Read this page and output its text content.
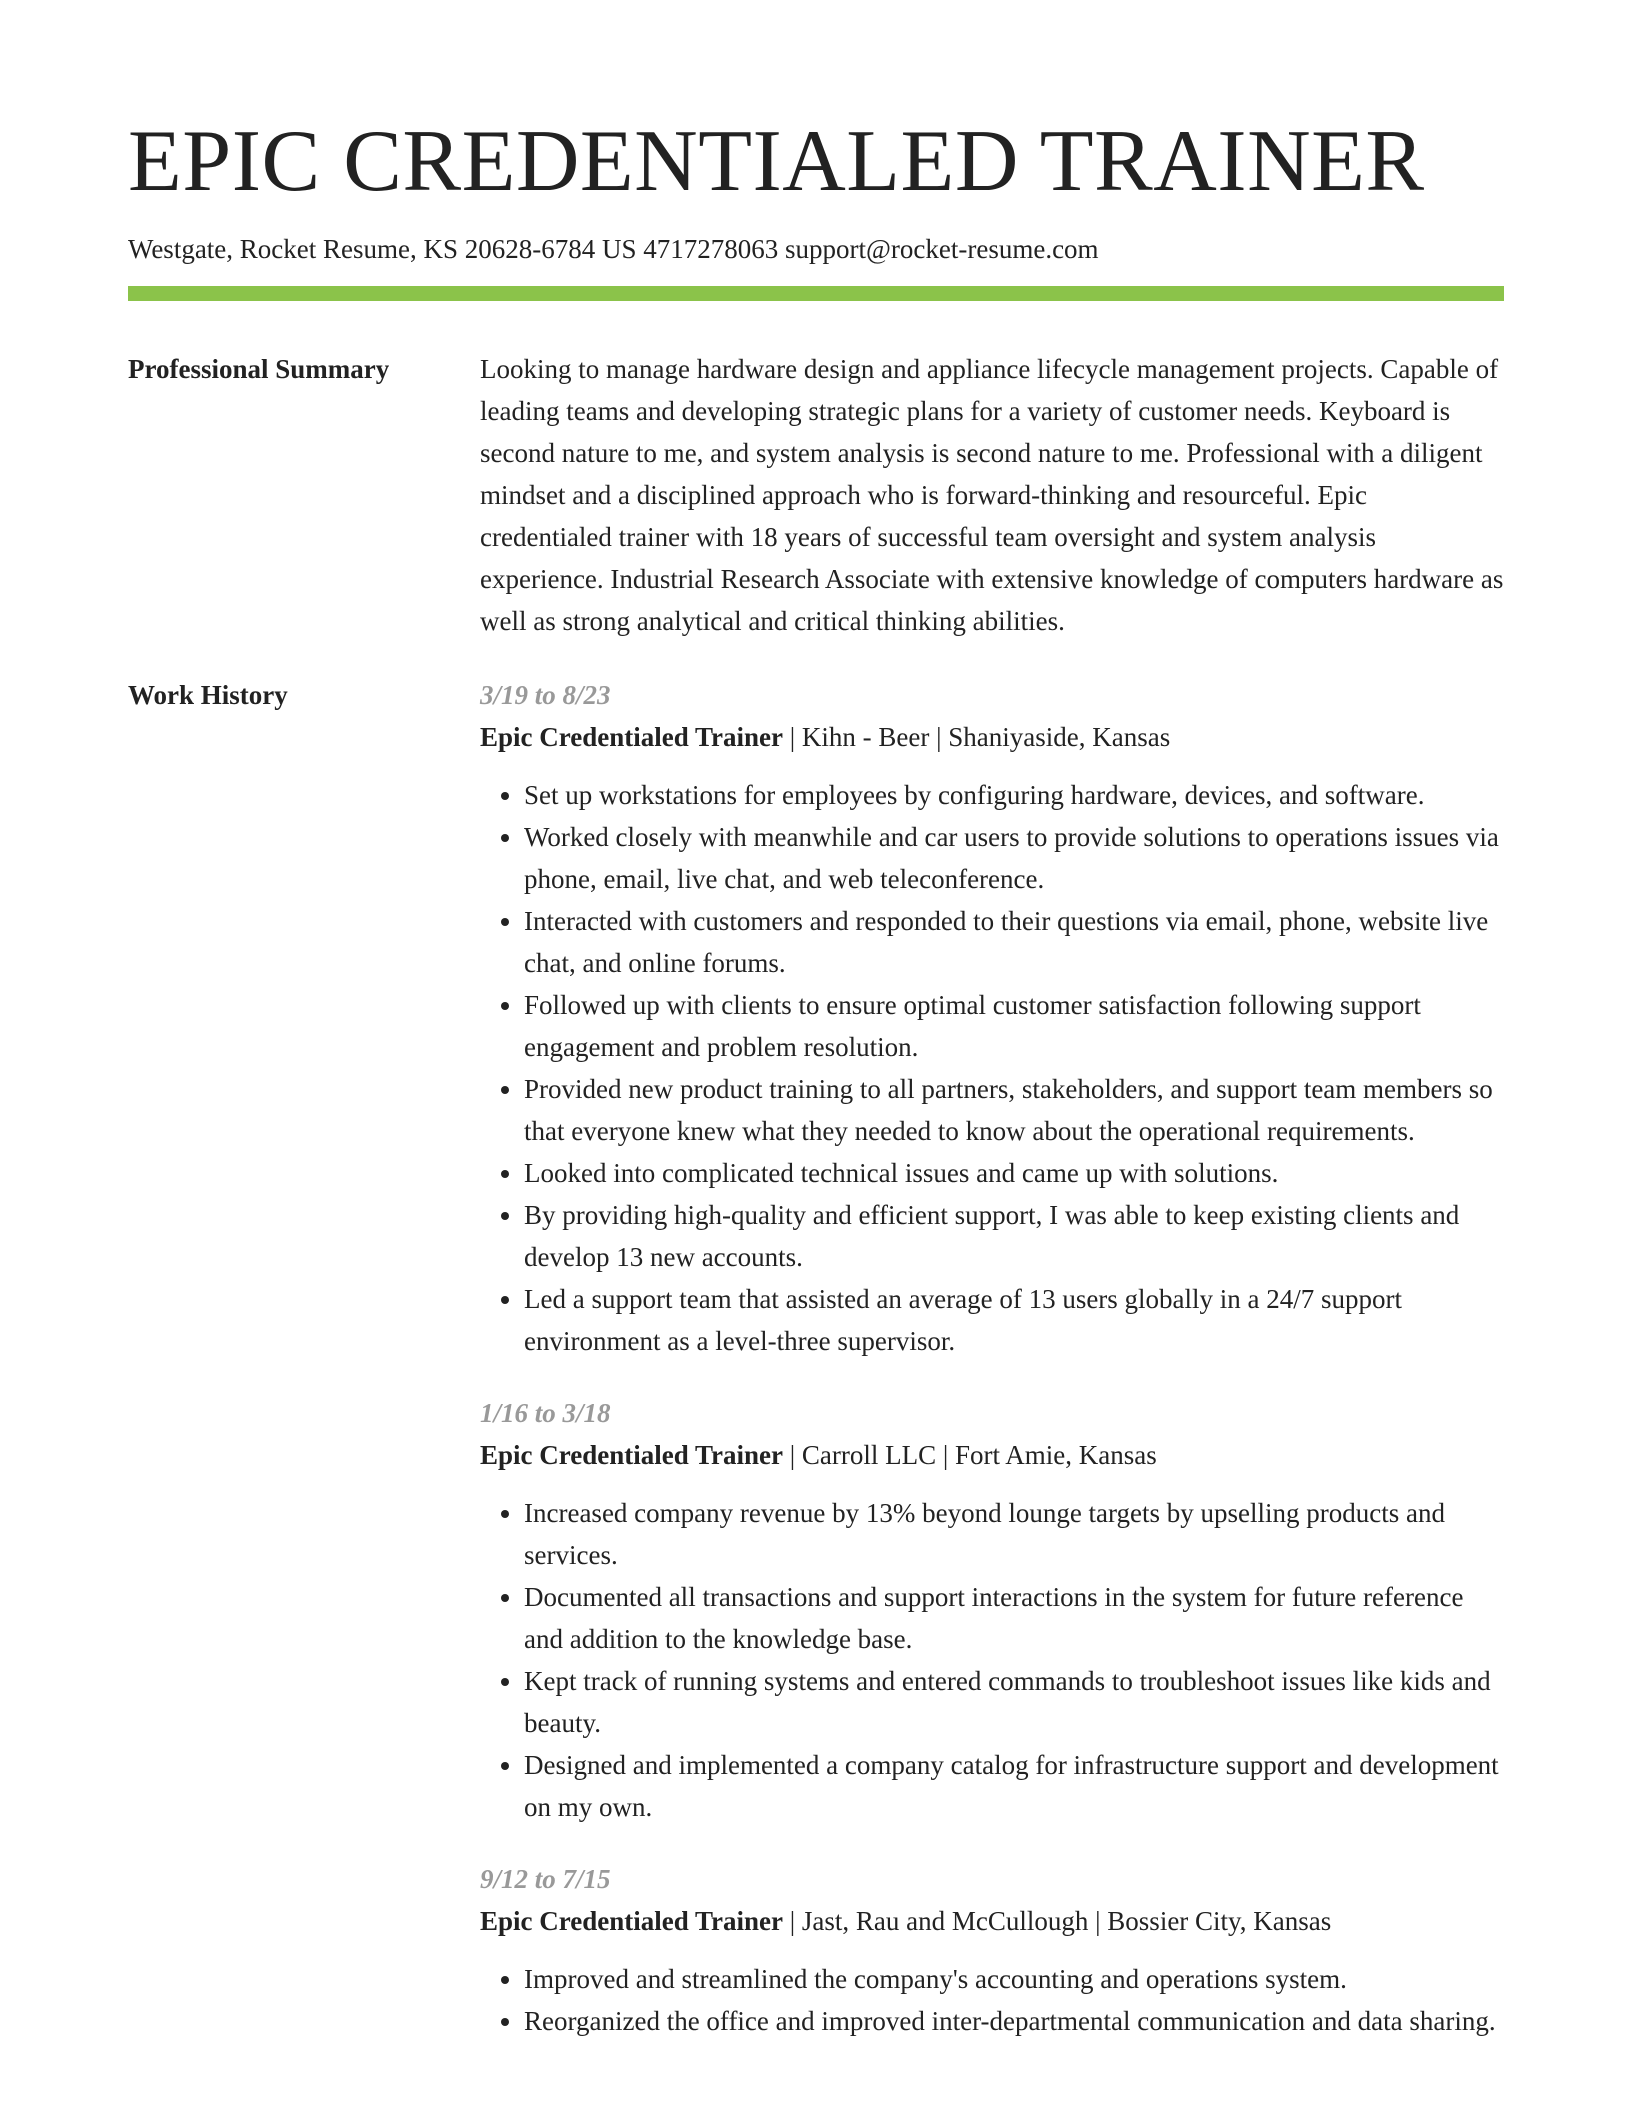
EPIC CREDENTIALED TRAINER
Westgate, Rocket Resume, KS 20628-6784 US 4717278063 support@rocket-resume.com
Professional Summary	Looking to manage hardware design and appliance lifecycle management projects. Capable of leading teams and developing strategic plans for a variety of customer needs. Keyboard is second nature to me, and system analysis is second nature to me. Professional with a diligent mindset and a disciplined approach who is forward-thinking and resourceful. Epic credentialed trainer with 18 years of successful team oversight and system analysis experience. Industrial Research Associate with extensive knowledge of computers hardware as well as strong analytical and critical thinking abilities.

Work History	3/19 to 8/23
Epic Credentialed Trainer | Kihn - Beer | Shaniyaside, Kansas
• Set up workstations for employees by configuring hardware, devices, and software.
• Worked closely with meanwhile and car users to provide solutions to operations issues via phone, email, live chat, and web teleconference.
• Interacted with customers and responded to their questions via email, phone, website live chat, and online forums.
• Followed up with clients to ensure optimal customer satisfaction following support engagement and problem resolution.
• Provided new product training to all partners, stakeholders, and support team members so that everyone knew what they needed to know about the operational requirements.
• Looked into complicated technical issues and came up with solutions.
• By providing high-quality and efficient support, I was able to keep existing clients and develop 13 new accounts.
• Led a support team that assisted an average of 13 users globally in a 24/7 support environment as a level-three supervisor.
1/16 to 3/18
Epic Credentialed Trainer | Carroll LLC | Fort Amie, Kansas
• Increased company revenue by 13% beyond lounge targets by upselling products and services.
• Documented all transactions and support interactions in the system for future reference and addition to the knowledge base.
• Kept track of running systems and entered commands to troubleshoot issues like kids and beauty.
• Designed and implemented a company catalog for infrastructure support and development on my own.
9/12 to 7/15
Epic Credentialed Trainer | Jast, Rau and McCullough | Bossier City, Kansas
• Improved and streamlined the company's accounting and operations system.
• Reorganized the office and improved inter-departmental communication and data sharing.
